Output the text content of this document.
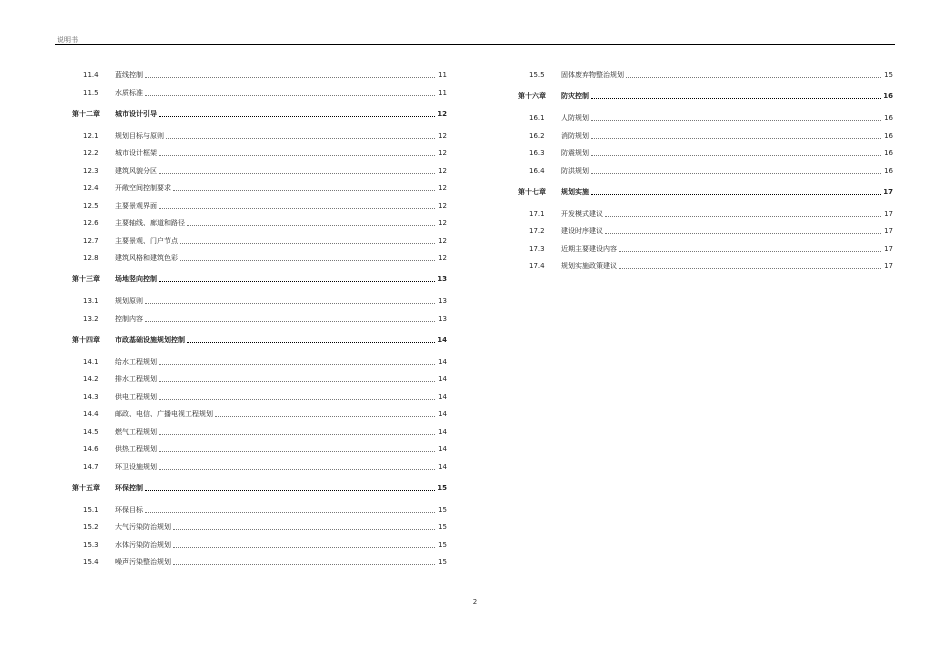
说明书
11.4	蓝线控制	11
11.5	水质标准	11
第十二章	城市设计引导	12
12.1	规划目标与原则	12
12.2	城市设计框架	12
12.3	建筑风貌分区	12
12.4	开敞空间控制要求	12
12.5	主要景观界面	12
12.6	主要轴线、廊道和路径	12
12.7	主要景观、门户节点	12
12.8	建筑风格和建筑色彩	12
第十三章	场地竖向控制	13
13.1	规划原则	13
13.2	控制内容	13
第十四章	市政基础设施规划控制	14
14.1	给水工程规划	14
14.2	排水工程规划	14
14.3	供电工程规划	14
14.4	邮政、电信、广播电视工程规划	14
14.5	燃气工程规划	14
14.6	供热工程规划	14
14.7	环卫设施规划	14
第十五章	环保控制	15
15.1	环保目标	15
15.2	大气污染防治规划	15
15.3	水体污染防治规划	15
15.4	噪声污染整治规划	15
15.5	固体废弃物整治规划	15
第十六章	防灾控制	16
16.1	人防规划	16
16.2	消防规划	16
16.3	防震规划	16
16.4	防洪规划	16
第十七章	规划实施	17
17.1	开发模式建议	17
17.2	建设时序建议	17
17.3	近期主要建设内容	17
17.4	规划实施政策建议	17
2
